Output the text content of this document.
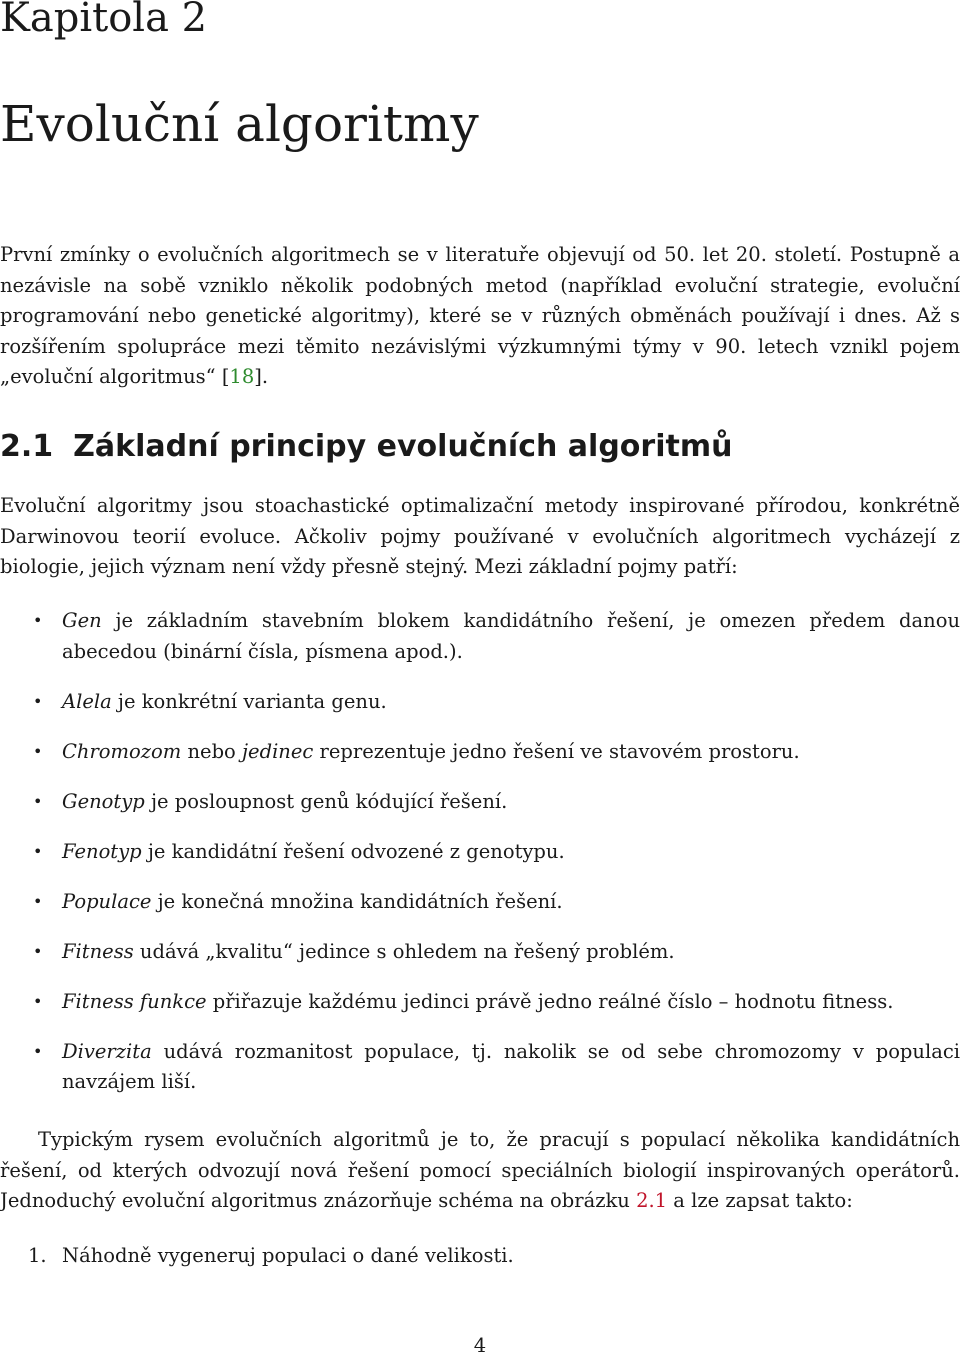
Kapitola 2
Evoluční algoritmy

První zmínky o evolučních algoritmech se v literatuře objevují od 50. let 20. století. Postupně a nezávisle na sobě vzniklo několik podobných metod (například evoluční strategie, evoluční programování nebo genetické algoritmy), které se v různých obměnách používají i dnes. Až s rozšířením spolupráce mezi těmito nezávislými výzkumnými týmy v 90. letech vznikl pojem „evoluční algoritmus“ [18].

2.1 Základní principy evolučních algoritmů

Evoluční algoritmy jsou stoachastické optimalizační metody inspirované přírodou, konkrétně Darwinovou teorií evoluce. Ačkoliv pojmy používané v evolučních algoritmech vycházejí z biologie, jejich význam není vždy přesně stejný. Mezi základní pojmy patří:

• Gen je základním stavebním blokem kandidátního řešení, je omezen předem danou abecedou (binární čísla, písmena apod.).
• Alela je konkrétní varianta genu.
• Chromozom nebo jedinec reprezentuje jedno řešení ve stavovém prostoru.
• Genotyp je posloupnost genů kódující řešení.
• Fenotyp je kandidátní řešení odvozené z genotypu.
• Populace je konečná množina kandidátních řešení.
• Fitness udává „kvalitu“ jedince s ohledem na řešený problém.
• Fitness funkce přiřazuje každému jedinci právě jedno reálné číslo – hodnotu fitness.
• Diverzita udává rozmanitost populace, tj. nakolik se od sebe chromozomy v populaci navzájem liší.

Typickým rysem evolučních algoritmů je to, že pracují s populací několika kandidátních řešení, od kterých odvozují nová řešení pomocí speciálních biologií inspirovaných operátorů. Jednoduchý evoluční algoritmus znázorňuje schéma na obrázku 2.1 a lze zapsat takto:

1. Náhodně vygeneruj populaci o dané velikosti.
4
